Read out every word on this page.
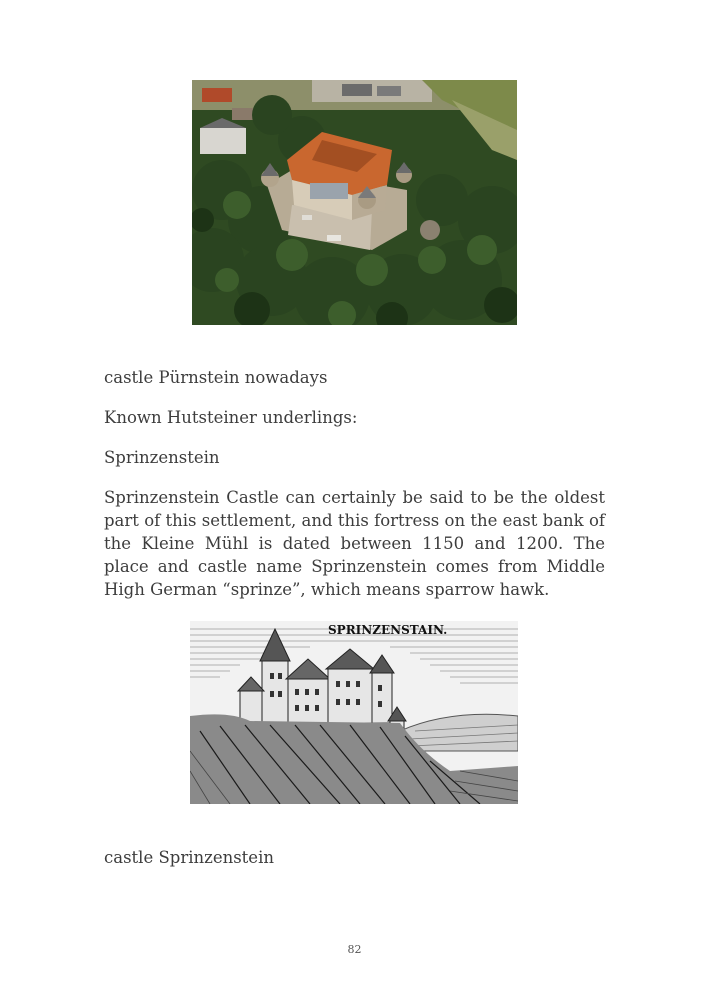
castle Pürnstein nowadays

Known Hutsteiner underlings:

Sprinzenstein

Sprinzenstein Castle can certainly be said to be the oldest part of this settlement, and this fortress on the east bank of the Kleine Mühl is dated between 1150 and 1200. The place and castle name Sprinzenstein comes from Middle High German “sprinze”, which means sparrow hawk.

SPRINZENSTAIN.

castle Sprinzenstein

82
